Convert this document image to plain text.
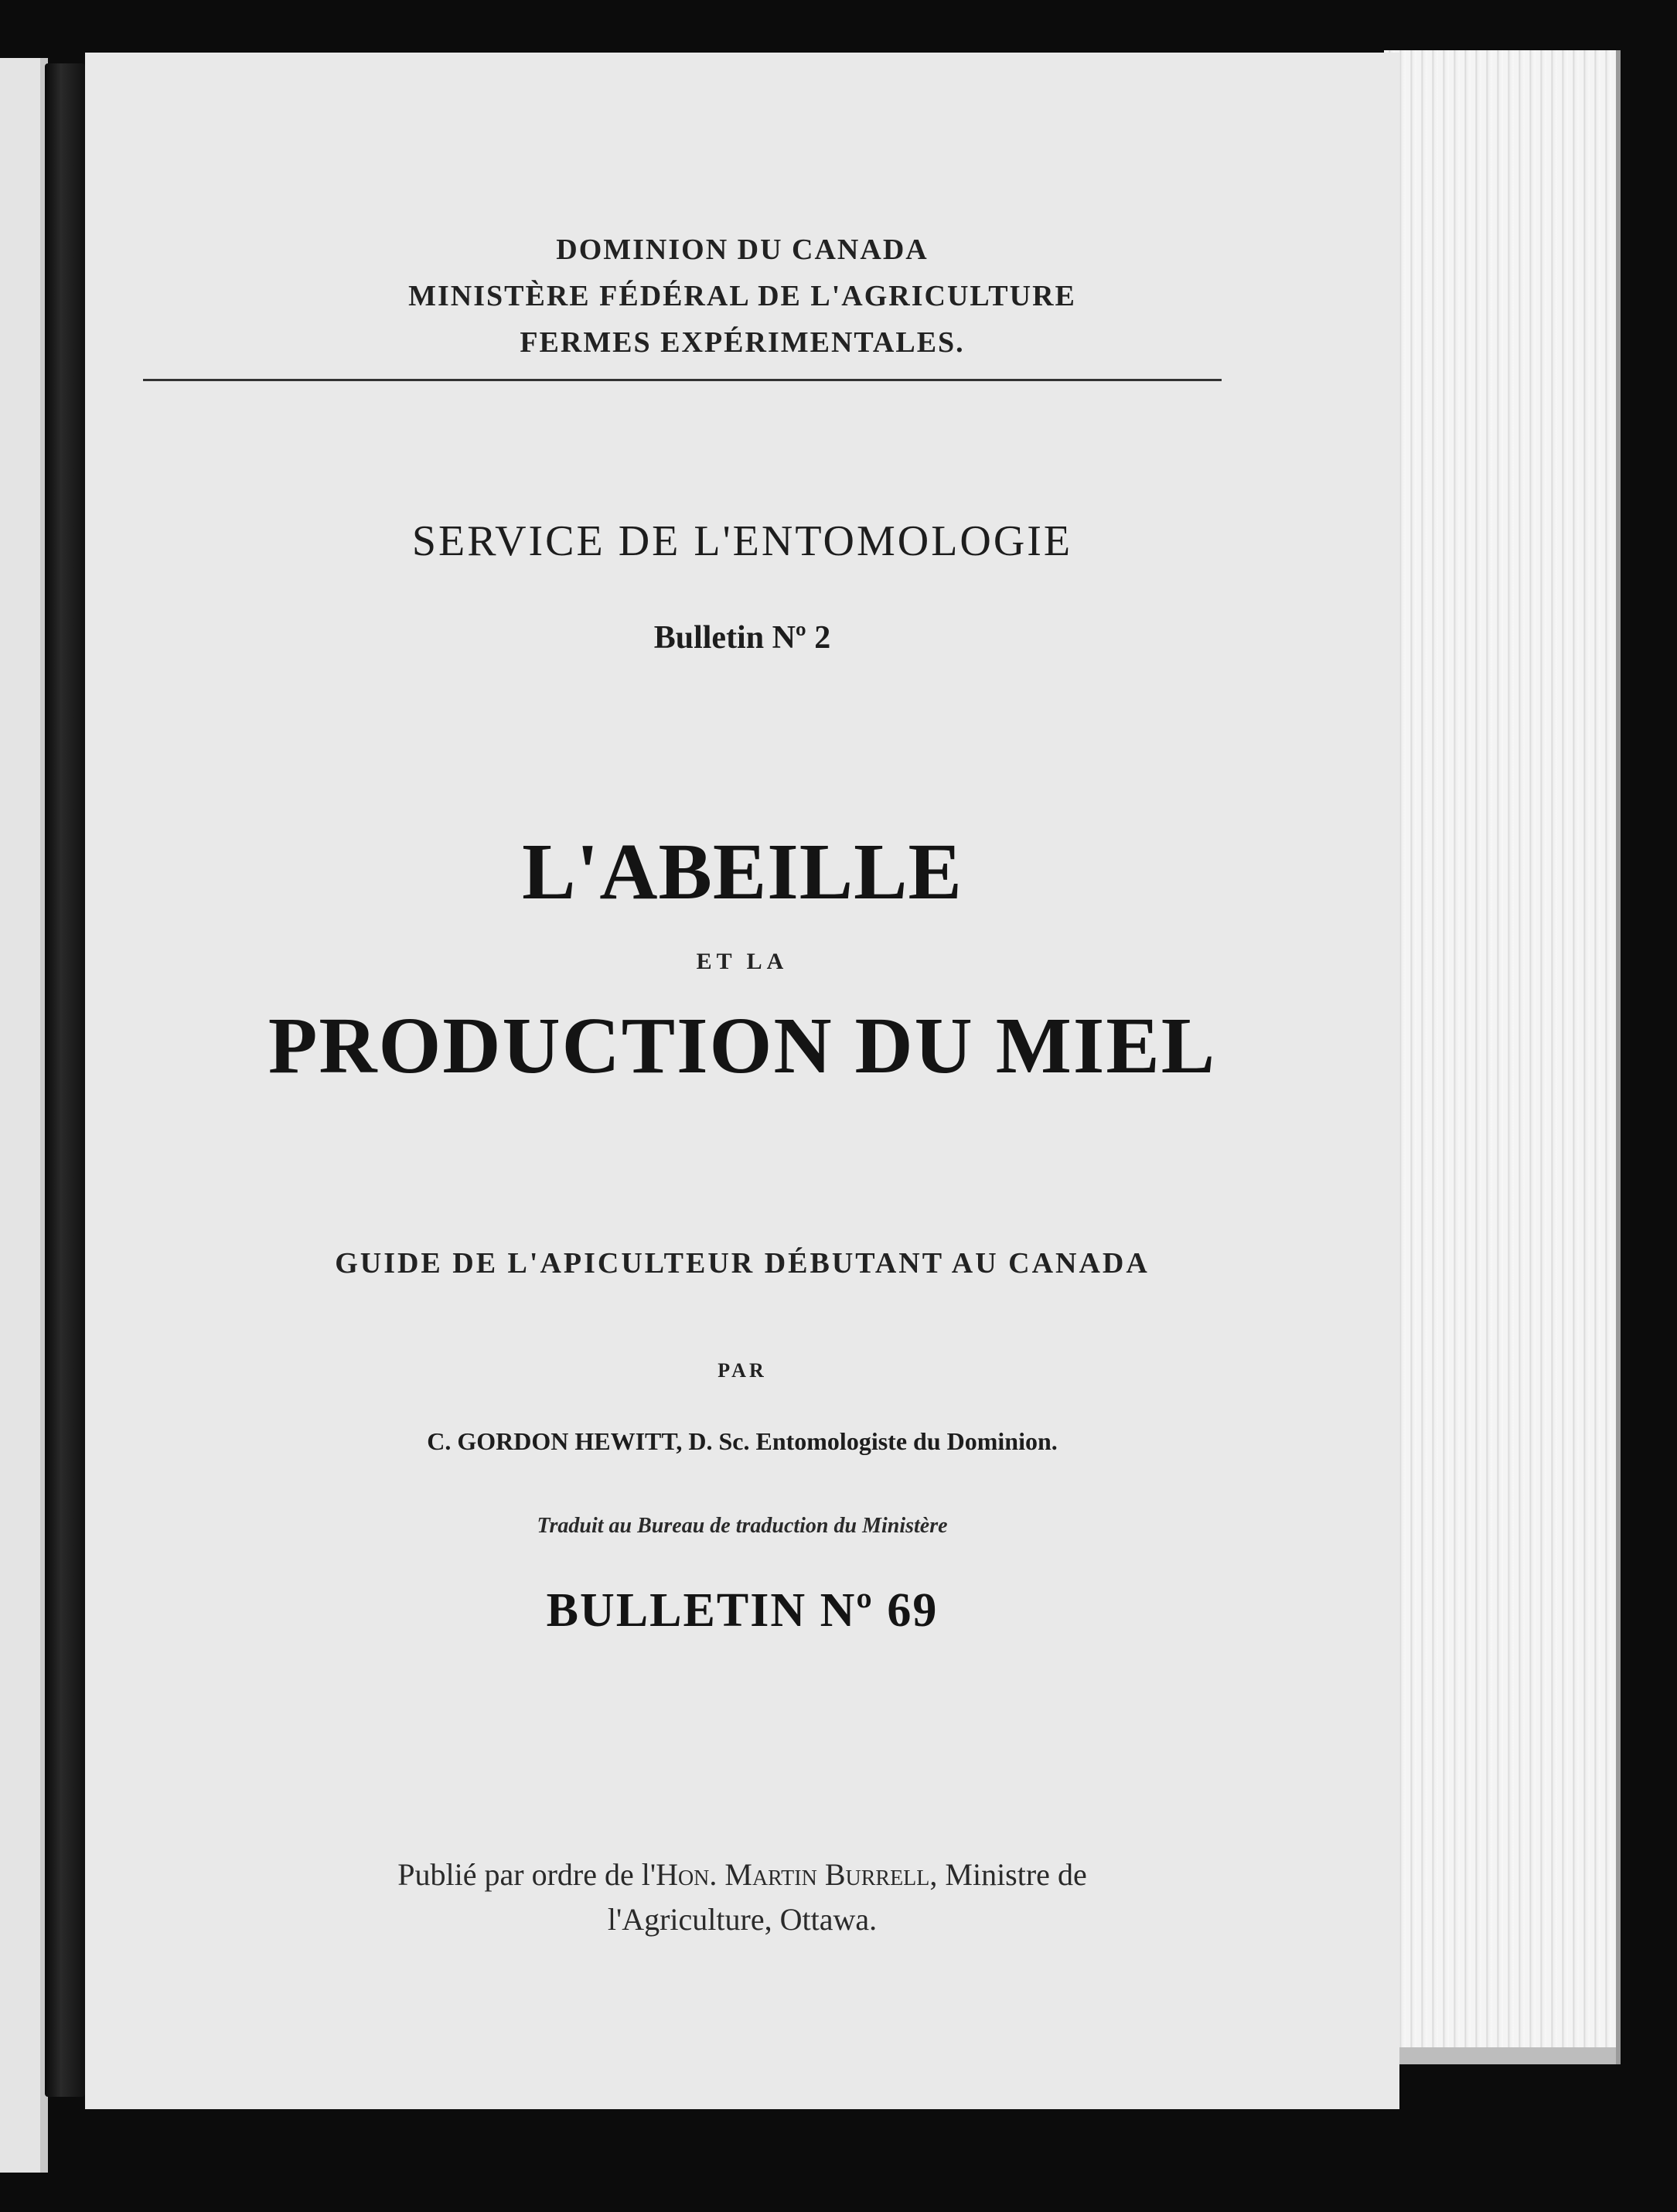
DOMINION DU CANADA
MINISTÈRE FÉDÉRAL DE L'AGRICULTURE
FERMES EXPÉRIMENTALES.
SERVICE DE L'ENTOMOLOGIE
Bulletin Nº 2
L'ABEILLE
ET LA
PRODUCTION DU MIEL
GUIDE DE L'APICULTEUR DÉBUTANT AU CANADA
PAR
C. GORDON HEWITT, D. Sc. Entomologiste du Dominion.
Traduit au Bureau de traduction du Ministère
BULLETIN Nº 69
Publié par ordre de l'Hon. Martin Burrell, Ministre de
l'Agriculture, Ottawa.
